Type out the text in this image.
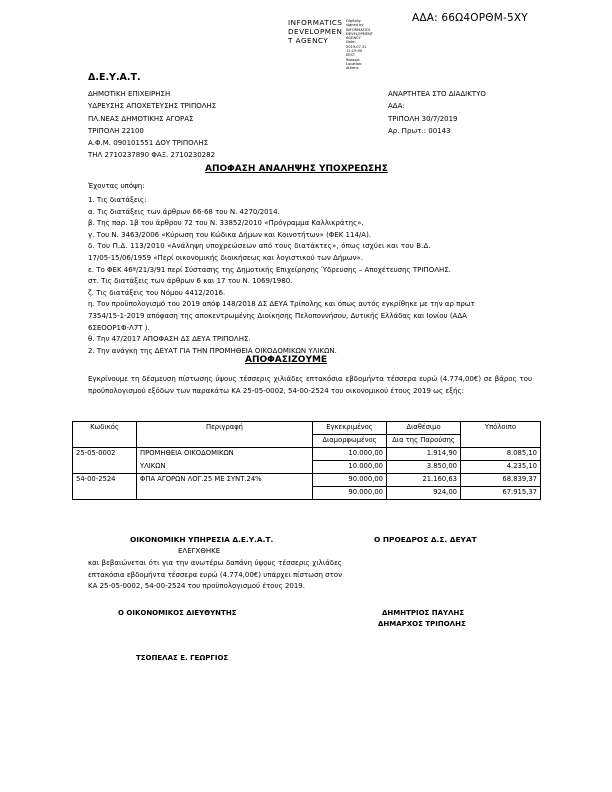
INFORMATICS
DEVELOPMEN
T AGENCY
Digitally signed by
INFORMATICS
DEVELOPMENT AGENCY
Date: 2019.07.31 11:19:00
EEST
Reason:
Location: Athens
ΑΔΑ: 66Ω4ΟΡΘΜ-5ΧΥ
Δ.Ε.Υ.Α.Τ.
ΔΗΜΟΤΙΚΗ ΕΠΙΧΕΙΡΗΣΗ
ΥΔΡΕΥΣΗΣ ΑΠΟΧΕΤΕΥΣΗΣ ΤΡΙΠΟΛΗΣ
ΠΛ.ΝΕΑΣ ΔΗΜΟΤΙΚΗΣ ΑΓΟΡΑΣ
ΤΡΙΠΟΛΗ 22100
Α.Φ.Μ. 090101551 ΔΟΥ ΤΡΙΠΟΛΗΣ
ΤΗΛ 2710237890 ΦΑΞ. 2710230282
ΑΝΑΡΤΗΤΕΑ ΣΤΟ ΔΙΑΔΙΚΤΥΟ
ΑΔΑ:
ΤΡΙΠΟΛΗ 30/7/2019
Αρ. Πρωτ.: 00143
ΑΠΟΦΑΣΗ ΑΝΑΛΗΨΗΣ ΥΠΟΧΡΕΩΣΗΣ
Έχοντας υπόψη:
1. Τις διατάξεις:
α. Τις διατάξεις των άρθρων 66-68 του Ν. 4270/2014.
β. Της παρ. 1β του άρθρου 72 του Ν. 3385​2/2010 «Πρόγραμμα Καλλικράτης».
γ. Του Ν. 3463/2006 «Κύρωση του Κώδικα Δήμων και Κοινοτήτων» (ΦΕΚ 114/Α).
δ. Του Π.Δ. 113/2010 «Ανάληψη υποχρεώσεων από τους διατάκτες», όπως ισχύει και του Β.Δ.
17/05-15/06/1959 «Περί οικονομικής διοικήσεως και λογιστικού των Δήμων».
ε. Το ΦΕΚ 46ª/21/3/91 περί Σύστασης της Δημοτικής Επιχείρησης Ύδρευσης – Αποχέτευσης ΤΡΙΠΟΛΗΣ.
στ. Τις διατάξεις των άρθρων 6 και 17 του Ν. 1069/1980.
ζ. Τις διατάξεις του Νόμου 4412/2016.
η. Τον προϋπολογισμό του 2019 απόφ 148/2018 ΔΣ ΔΕΥΑ Τρίπολης και όπως αυτός εγκρίθηκε με την αρ πρωτ
7354/15-1-2019 απόφαση της αποκεντρωμένης Διοίκησης Πελοποννήσου, Δυτικής Ελλάδας και Ιονίου (ΑΔΑ
6ΣΕΟΟΡ1Φ-Λ7Τ ).
θ. Την 47/2017 ΑΠΟΦΑΣΗ ΔΣ ΔΕΥΑ ΤΡΙΠΟΛΗΣ.
2. Την ανάγκη της ΔΕΥΑΤ ΓΙΑ ΤΗΝ ΠΡΟΜΗΘΕΙΑ ΟΙΚΟΔΟΜΙΚΩΝ ΥΛΙΚΩΝ.
ΑΠΟΦΑΣΙΖΟΥΜΕ
Εγκρίνουμε τη δέσμευση πίστωσης ύψους τέσσερις χιλιάδες επτακόσια εβδομήντα τέσσερα ευρώ (4.774,00€) σε βάρος του προϋπολογισμού εξόδων των παρακάτω ΚΑ 25-05-0002, 54-00-2524 του οικονομικού έτους 2019 ως εξής:
Κωδικός	Περιγραφή	Εγκεκριμένος	Διαθέσιμο	Υπόλοιπο
		Διαμορφωμένος	Δια της Παρούσης	
25-05-0002	ΠΡΟΜΗΘΕΙΑ ΟΙΚΟΔΟΜΙΚΩΝ	10.000,00	1.914,90	8.085,10
	ΥΛΙΚΩΝ	10.000,00	3.850,00	4.235,10
54-00-2524	ΦΠΑ ΑΓΟΡΩΝ ΛΟΓ.25 ΜΕ ΣΥΝΤ.24%	90.000,00	21.160,63	68.839,37
		90.000,00	924,00	67.915,37
ΟΙΚΟΝΟΜΙΚΗ ΥΠΗΡΕΣΙΑ Δ.Ε.Υ.Α.Τ.
ΕΛΕΓΧΘΗΚΕ
και βεβαιώνεται ότι για την ανωτέρω δαπάνη ύψους τέσσερις χιλιάδες επτακόσια εβδομήντα τέσσερα ευρώ (4.774,00€) υπάρχει πίστωση στον ΚΑ 25-05-0002, 54-00-2524 του προϋπολογισμού έτους 2019.
Ο ΟΙΚΟΝΟΜΙΚΟΣ ΔΙΕΥΘΥΝΤΗΣ
ΤΣΟΠΕΛΑΣ Ε. ΓΕΩΡΓΙΟΣ
Ο ΠΡΟΕΔΡΟΣ Δ.Σ. ΔΕΥΑΤ
ΔΗΜΗΤΡΙΟΣ ΠΑΥΛΗΣ
ΔΗΜΑΡΧΟΣ ΤΡΙΠΟΛΗΣ
